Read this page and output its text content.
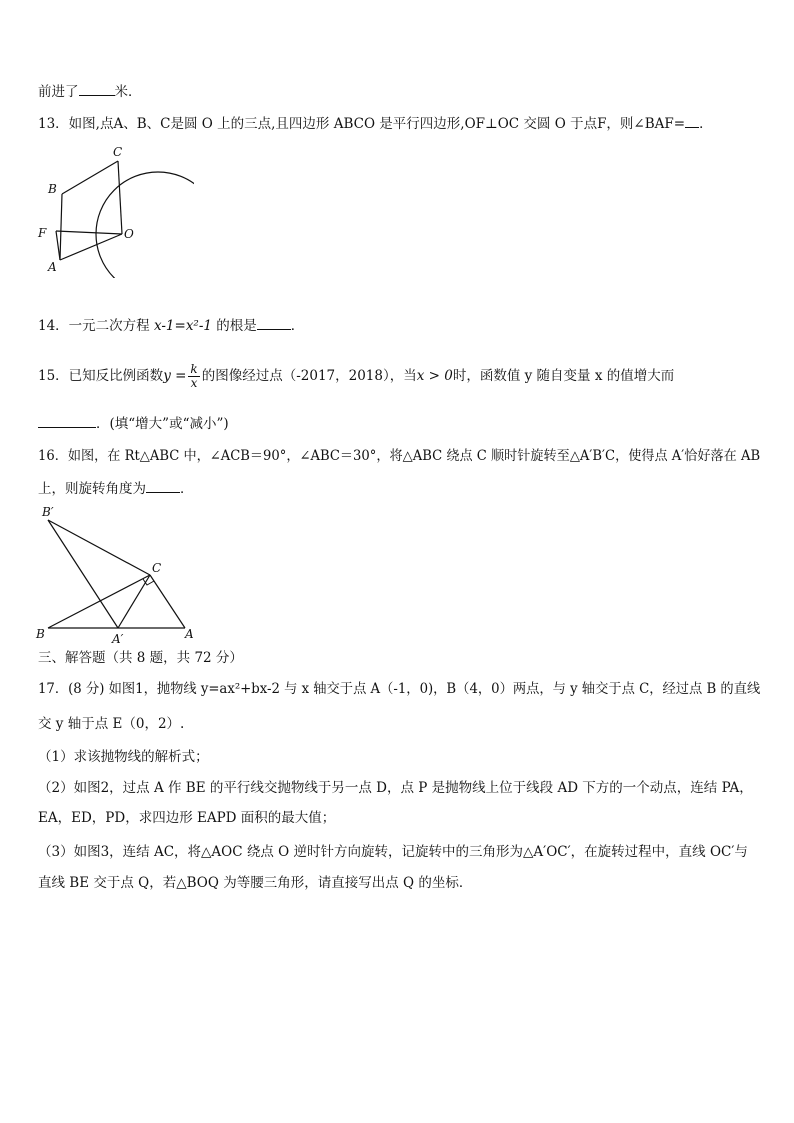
前进了	米．
13．如图,点A、B、C是圆 O 上的三点,且四边形 ABCO 是平行四边形,OF⊥OC 交圆 O 于点F，则∠BAF= ．
C
B
F	O
A
14．一元二次方程 x-1=x²-1 的根是	．
15．已知反比例函数$y = \frac{k}{x}$ 的图像经过点（-2017，2018），当x > 0时，函数值 y 随自变量 x 的值增大而
．(填“增大”或“减小”)
16．如图，在 Rt△ABC 中，∠ACB＝90°，∠ABC＝30°，将△ABC 绕点 C 顺时针旋转至△A′B′C，使得点 A′恰好落在 AB
上，则旋转角度为	．
B′
C
B	A′	A
三、解答题（共 8 题，共 72 分）
17．(8 分) 如图1，抛物线 y=ax²+bx-2 与 x 轴交于点 A（-1，0)，B（4，0）两点，与 y 轴交于点 C，经过点 B 的直线
交 y 轴于点 E（0，2）.
（1）求该抛物线的解析式；
（2）如图2，过点 A 作 BE 的平行线交抛物线于另一点 D，点 P 是抛物线上位于线段 AD 下方的一个动点，连结 PA，
EA，ED，PD，求四边形 EAPD 面积的最大值；
（3）如图3，连结 AC，将△AOC 绕点 O 逆时针方向旋转，记旋转中的三角形为△A′OC′，在旋转过程中，直线 OC′与
直线 BE 交于点 Q，若△BOQ 为等腰三角形，请直接写出点 Q 的坐标．
